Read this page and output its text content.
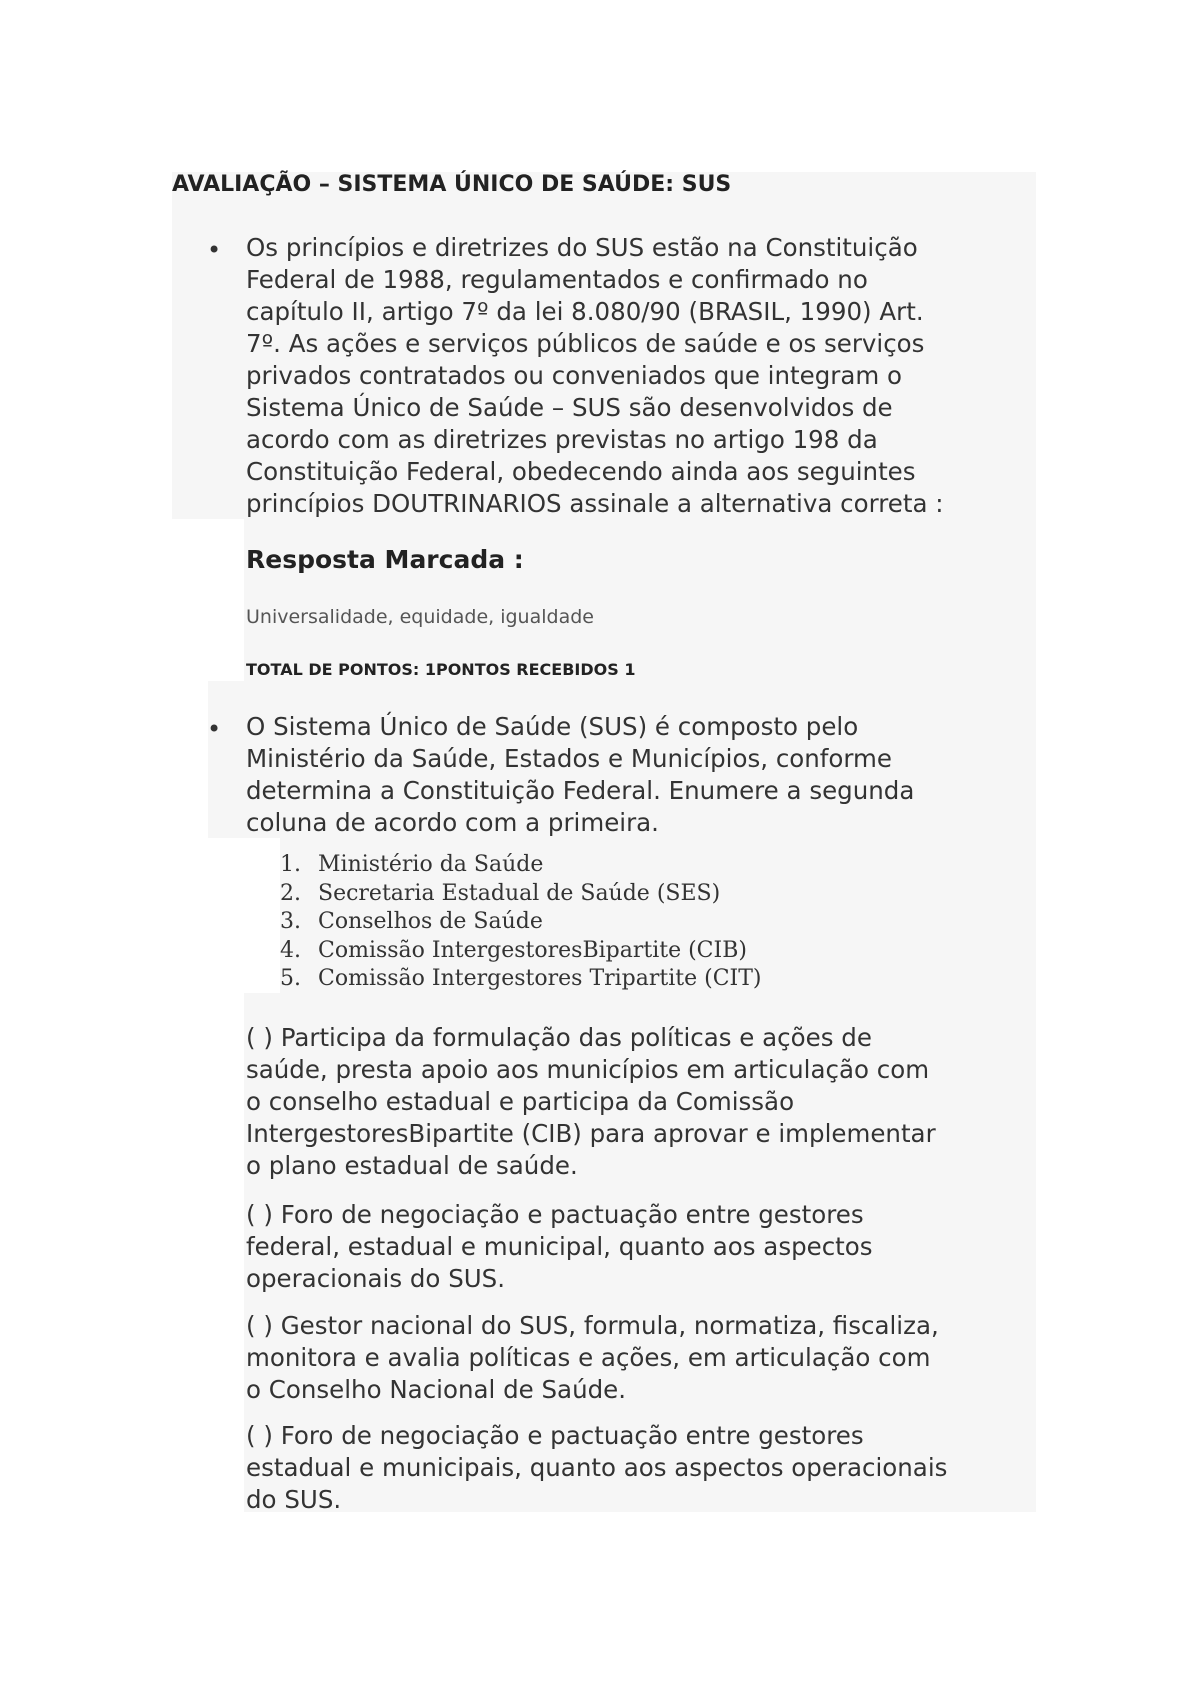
AVALIAÇÃO – SISTEMA ÚNICO DE SAÚDE: SUS
• Os princípios e diretrizes do SUS estão na Constituição
Federal de 1988, regulamentados e confirmado no
capítulo II, artigo 7º da lei 8.080/90 (BRASIL, 1990) Art.
7º. As ações e serviços públicos de saúde e os serviços
privados contratados ou conveniados que integram o
Sistema Único de Saúde – SUS são desenvolvidos de
acordo com as diretrizes previstas no artigo 198 da
Constituição Federal, obedecendo ainda aos seguintes
princípios DOUTRINARIOS assinale a alternativa correta :
Resposta Marcada :
Universalidade, equidade, igualdade
TOTAL DE PONTOS: 1PONTOS RECEBIDOS 1
• O Sistema Único de Saúde (SUS) é composto pelo
Ministério da Saúde, Estados e Municípios, conforme
determina a Constituição Federal. Enumere a segunda
coluna de acordo com a primeira.
1. Ministério da Saúde
2. Secretaria Estadual de Saúde (SES)
3. Conselhos de Saúde
4. Comissão IntergestoresBipartite (CIB)
5. Comissão Intergestores Tripartite (CIT)
( ) Participa da formulação das políticas e ações de
saúde, presta apoio aos municípios em articulação com
o conselho estadual e participa da Comissão
IntergestoresBipartite (CIB) para aprovar e implementar
o plano estadual de saúde.
( ) Foro de negociação e pactuação entre gestores
federal, estadual e municipal, quanto aos aspectos
operacionais do SUS.
( ) Gestor nacional do SUS, formula, normatiza, fiscaliza,
monitora e avalia políticas e ações, em articulação com
o Conselho Nacional de Saúde.
( ) Foro de negociação e pactuação entre gestores
estadual e municipais, quanto aos aspectos operacionais
do SUS.
